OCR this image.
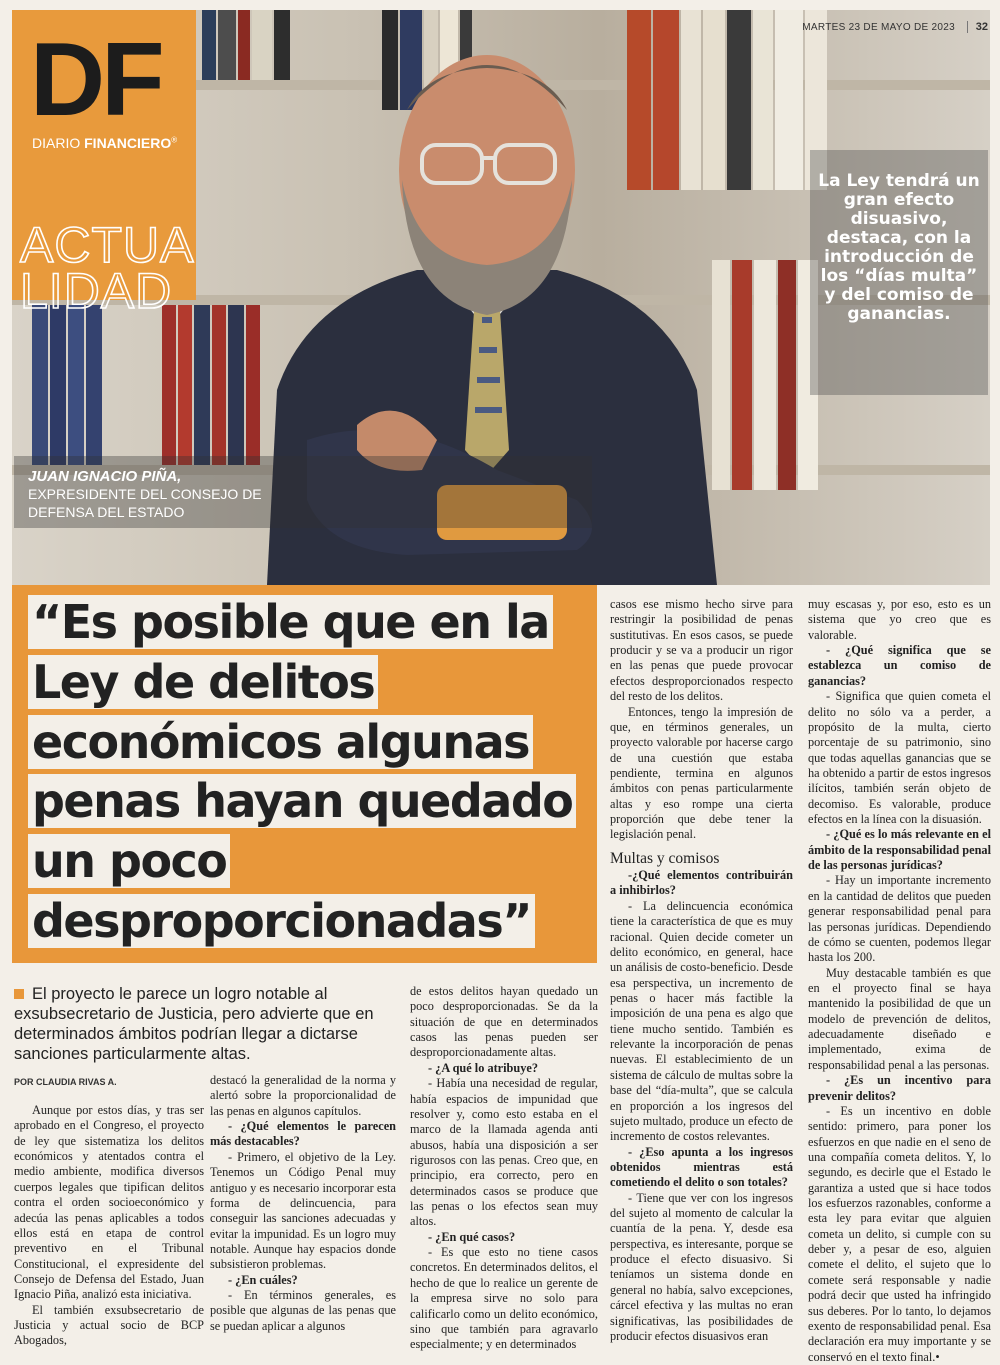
MARTES 23 DE MAYO DE 2023	32
DF
DIARIO FINANCIERO®
ACTUA
LIDAD
La Ley tendrá un gran efecto disuasivo, destaca, con la introducción de los “días multa” y del comiso de ganancias.
JUAN IGNACIO PIÑA,
EXPRESIDENTE DEL CONSEJO DE DEFENSA DEL ESTADO
“Es posible que en la Ley de delitos económicos algunas penas hayan quedado un poco desproporcionadas”
El proyecto le parece un logro notable al exsubsecretario de Justicia, pero advierte que en determinados ámbitos podrían llegar a dictarse sanciones particularmente altas.
POR CLAUDIA RIVAS A.

Aunque por estos días, y tras ser aprobado en el Congreso, el proyecto de ley que sistematiza los delitos económicos y atentados contra el medio ambiente, modifica diversos cuerpos legales que tipifican delitos contra el orden socioeconómico y adecúa las penas aplicables a todos ellos está en etapa de control preventivo en el Tribunal Constitucional, el expresidente del Consejo de Defensa del Estado, Juan Ignacio Piña, analizó esta iniciativa.

El también exsubsecretario de Justicia y actual socio de BCP Abogados,

destacó la generalidad de la norma y alertó sobre la proporcionalidad de las penas en algunos capítulos.

- ¿Qué elementos le parecen más destacables?

- Primero, el objetivo de la Ley. Tenemos un Código Penal muy antiguo y es necesario incorporar esta forma de delincuencia, para conseguir las sanciones adecuadas y evitar la impunidad. Es un logro muy notable. Aunque hay espacios donde subsistieron problemas.

- ¿En cuáles?

- En términos generales, es posible que algunas de las penas que se puedan aplicar a algunos

de estos delitos hayan quedado un poco desproporcionadas. Se da la situación de que en determinados casos las penas pueden ser desproporcionadamente altas.

- ¿A qué lo atribuye?

- Había una necesidad de regular, había espacios de impunidad que resolver y, como esto estaba en el marco de la llamada agenda anti abusos, había una disposición a ser rigurosos con las penas. Creo que, en principio, era correcto, pero en determinados casos se produce que las penas o los efectos sean muy altos.

- ¿En qué casos?

- Es que esto no tiene casos concretos. En determinados delitos, el hecho de que lo realice un gerente de la empresa sirve no solo para calificarlo como un delito económico, sino que también para agravarlo especialmente; y en determinados

casos ese mismo hecho sirve para restringir la posibilidad de penas sustitutivas. En esos casos, se puede producir y se va a producir un rigor en las penas que puede provocar efectos desproporcionados respecto del resto de los delitos.

Entonces, tengo la impresión de que, en términos generales, un proyecto valorable por hacerse cargo de una cuestión que estaba pendiente, termina en algunos ámbitos con penas particularmente altas y eso rompe una cierta proporción que debe tener la legislación penal.

Multas y comisos

-¿Qué elementos contribuirán a inhibirlos?

- La delincuencia económica tiene la característica de que es muy racional. Quien decide cometer un delito económico, en general, hace un análisis de costo-beneficio. Desde esa perspectiva, un incremento de penas o hacer más factible la imposición de una pena es algo que tiene mucho sentido. También es relevante la incorporación de penas nuevas. El establecimiento de un sistema de cálculo de multas sobre la base del “día-multa”, que se calcula en proporción a los ingresos del sujeto multado, produce un efecto de incremento de costos relevantes.

- ¿Eso apunta a los ingresos obtenidos mientras está cometiendo el delito o son totales?

- Tiene que ver con los ingresos del sujeto al momento de calcular la cuantía de la pena. Y, desde esa perspectiva, es interesante, porque se produce el efecto disuasivo. Si teníamos un sistema donde en general no había, salvo excepciones, cárcel efectiva y las multas no eran significativas, las posibilidades de producir efectos disuasivos eran

muy escasas y, por eso, esto es un sistema que yo creo que es valorable.

- ¿Qué significa que se establezca un comiso de ganancias?

- Significa que quien cometa el delito no sólo va a perder, a propósito de la multa, cierto porcentaje de su patrimonio, sino que todas aquellas ganancias que se ha obtenido a partir de estos ingresos ilícitos, también serán objeto de decomiso. Es valorable, produce efectos en la línea con la disuasión.

- ¿Qué es lo más relevante en el ámbito de la responsabilidad penal de las personas jurídicas?

- Hay un importante incremento en la cantidad de delitos que pueden generar responsabilidad penal para las personas jurídicas. Dependiendo de cómo se cuenten, podemos llegar hasta los 200.

Muy destacable también es que en el proyecto final se haya mantenido la posibilidad de que un modelo de prevención de delitos, adecuadamente diseñado e implementado, exima de responsabilidad penal a las personas.

- ¿Es un incentivo para prevenir delitos?

- Es un incentivo en doble sentido: primero, para poner los esfuerzos en que nadie en el seno de una compañía cometa delitos. Y, lo segundo, es decirle que el Estado le garantiza a usted que si hace todos los esfuerzos razonables, conforme a esta ley para evitar que alguien cometa un delito, si cumple con su deber y, a pesar de eso, alguien comete el delito, el sujeto que lo comete será responsable y nadie podrá decir que usted ha infringido sus deberes. Por lo tanto, lo dejamos exento de responsabilidad penal. Esa declaración era muy importante y se conservó en el texto final.•
